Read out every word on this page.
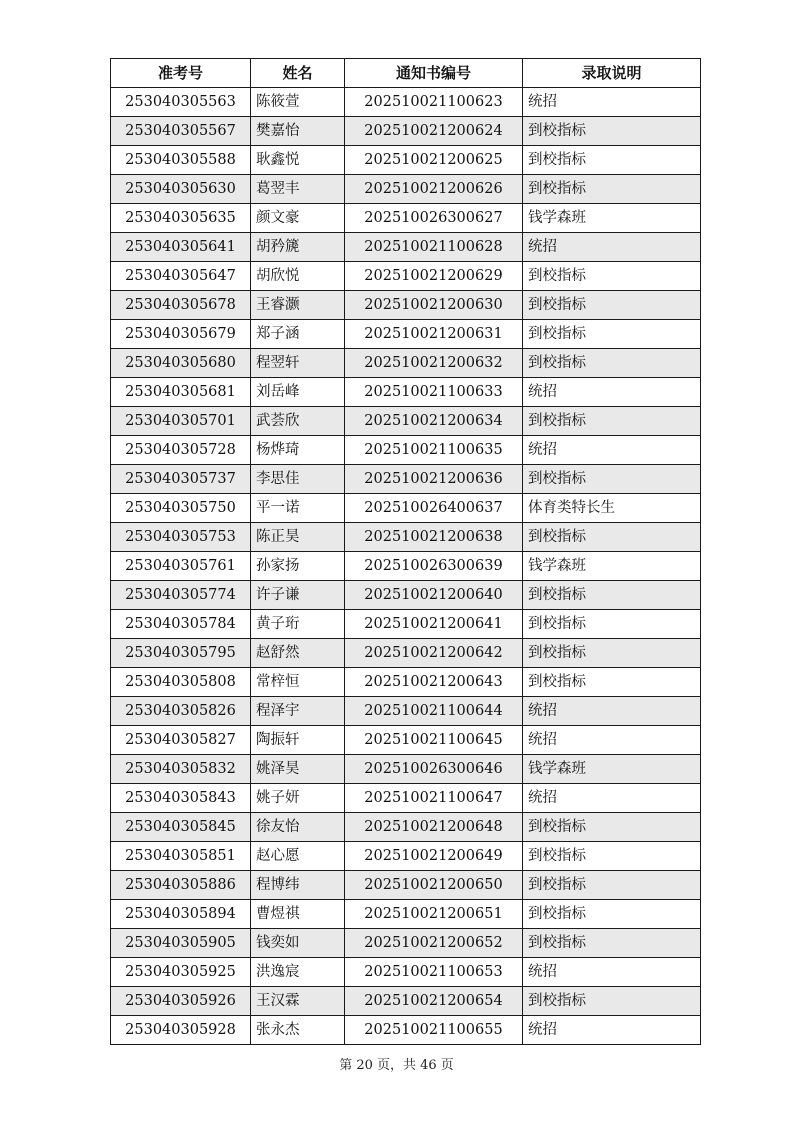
准考号	姓名	通知书编号	录取说明
253040305563	陈筱萱	202510021100623	统招
253040305567	樊嘉怡	202510021200624	到校指标
253040305588	耿鑫悦	202510021200625	到校指标
253040305630	葛翌丰	202510021200626	到校指标
253040305635	颜文豪	202510026300627	钱学森班
253040305641	胡矜篪	202510021100628	统招
253040305647	胡欣悦	202510021200629	到校指标
253040305678	王睿灏	202510021200630	到校指标
253040305679	郑子涵	202510021200631	到校指标
253040305680	程翌轩	202510021200632	到校指标
253040305681	刘岳峰	202510021100633	统招
253040305701	武荟欣	202510021200634	到校指标
253040305728	杨烨琦	202510021100635	统招
253040305737	李思佳	202510021200636	到校指标
253040305750	平一诺	202510026400637	体育类特长生
253040305753	陈正昊	202510021200638	到校指标
253040305761	孙家扬	202510026300639	钱学森班
253040305774	许子谦	202510021200640	到校指标
253040305784	黄子珩	202510021200641	到校指标
253040305795	赵舒然	202510021200642	到校指标
253040305808	常梓恒	202510021200643	到校指标
253040305826	程泽宇	202510021100644	统招
253040305827	陶振轩	202510021100645	统招
253040305832	姚泽昊	202510026300646	钱学森班
253040305843	姚子妍	202510021100647	统招
253040305845	徐友怡	202510021200648	到校指标
253040305851	赵心愿	202510021200649	到校指标
253040305886	程博纬	202510021200650	到校指标
253040305894	曹煜祺	202510021200651	到校指标
253040305905	钱奕如	202510021200652	到校指标
253040305925	洪逸宸	202510021100653	统招
253040305926	王汉霖	202510021200654	到校指标
253040305928	张永杰	202510021100655	统招
第 20 页，共 46 页
